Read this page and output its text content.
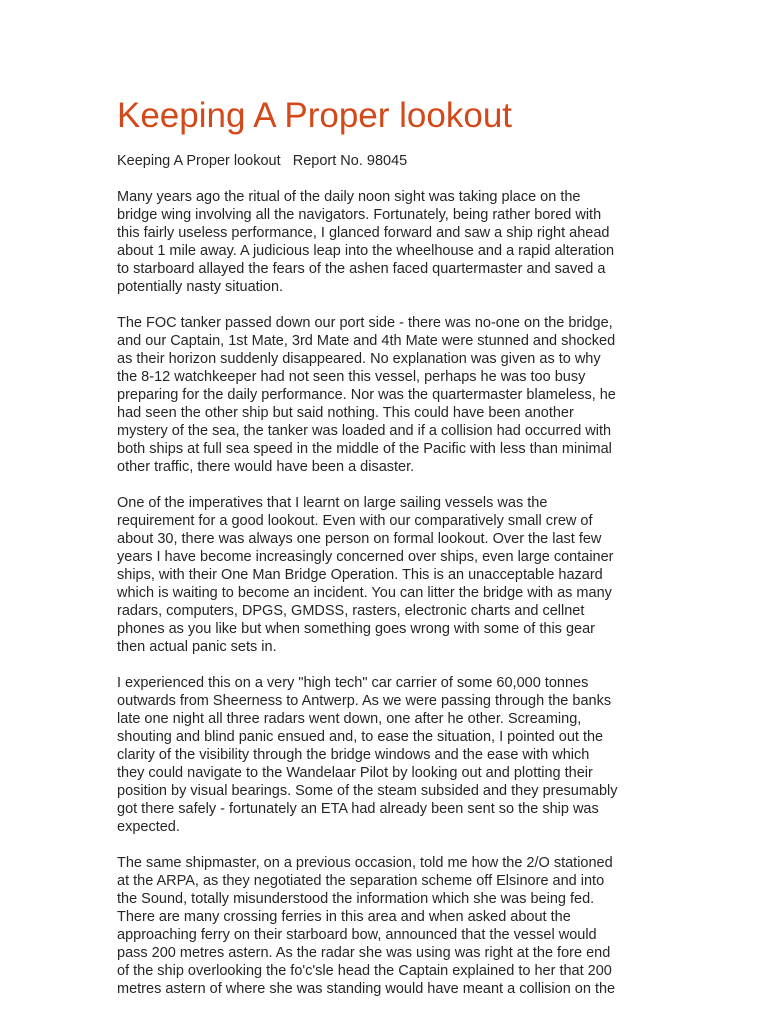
Keeping A Proper lookout

Keeping A Proper lookout   Report No. 98045

Many years ago the ritual of the daily noon sight was taking place on the
bridge wing involving all the navigators. Fortunately, being rather bored with
this fairly useless performance, I glanced forward and saw a ship right ahead
about 1 mile away. A judicious leap into the wheelhouse and a rapid alteration
to starboard allayed the fears of the ashen faced quartermaster and saved a
potentially nasty situation.

The FOC tanker passed down our port side - there was no-one on the bridge,
and our Captain, 1st Mate, 3rd Mate and 4th Mate were stunned and shocked
as their horizon suddenly disappeared. No explanation was given as to why
the 8-12 watchkeeper had not seen this vessel, perhaps he was too busy
preparing for the daily performance. Nor was the quartermaster blameless, he
had seen the other ship but said nothing. This could have been another
mystery of the sea, the tanker was loaded and if a collision had occurred with
both ships at full sea speed in the middle of the Pacific with less than minimal
other traffic, there would have been a disaster.

One of the imperatives that I learnt on large sailing vessels was the
requirement for a good lookout. Even with our comparatively small crew of
about 30, there was always one person on formal lookout. Over the last few
years I have become increasingly concerned over ships, even large container
ships, with their One Man Bridge Operation. This is an unacceptable hazard
which is waiting to become an incident. You can litter the bridge with as many
radars, computers, DPGS, GMDSS, rasters, electronic charts and cellnet
phones as you like but when something goes wrong with some of this gear
then actual panic sets in.

I experienced this on a very "high tech" car carrier of some 60,000 tonnes
outwards from Sheerness to Antwerp. As we were passing through the banks
late one night all three radars went down, one after he other. Screaming,
shouting and blind panic ensued and, to ease the situation, I pointed out the
clarity of the visibility through the bridge windows and the ease with which
they could navigate to the Wandelaar Pilot by looking out and plotting their
position by visual bearings. Some of the steam subsided and they presumably
got there safely - fortunately an ETA had already been sent so the ship was
expected.

The same shipmaster, on a previous occasion, told me how the 2/O stationed
at the ARPA, as they negotiated the separation scheme off Elsinore and into
the Sound, totally misunderstood the information which she was being fed.
There are many crossing ferries in this area and when asked about the
approaching ferry on their starboard bow, announced that the vessel would
pass 200 metres astern. As the radar she was using was right at the fore end
of the ship overlooking the fo'c'sle head the Captain explained to her that 200
metres astern of where she was standing would have meant a collision on the
